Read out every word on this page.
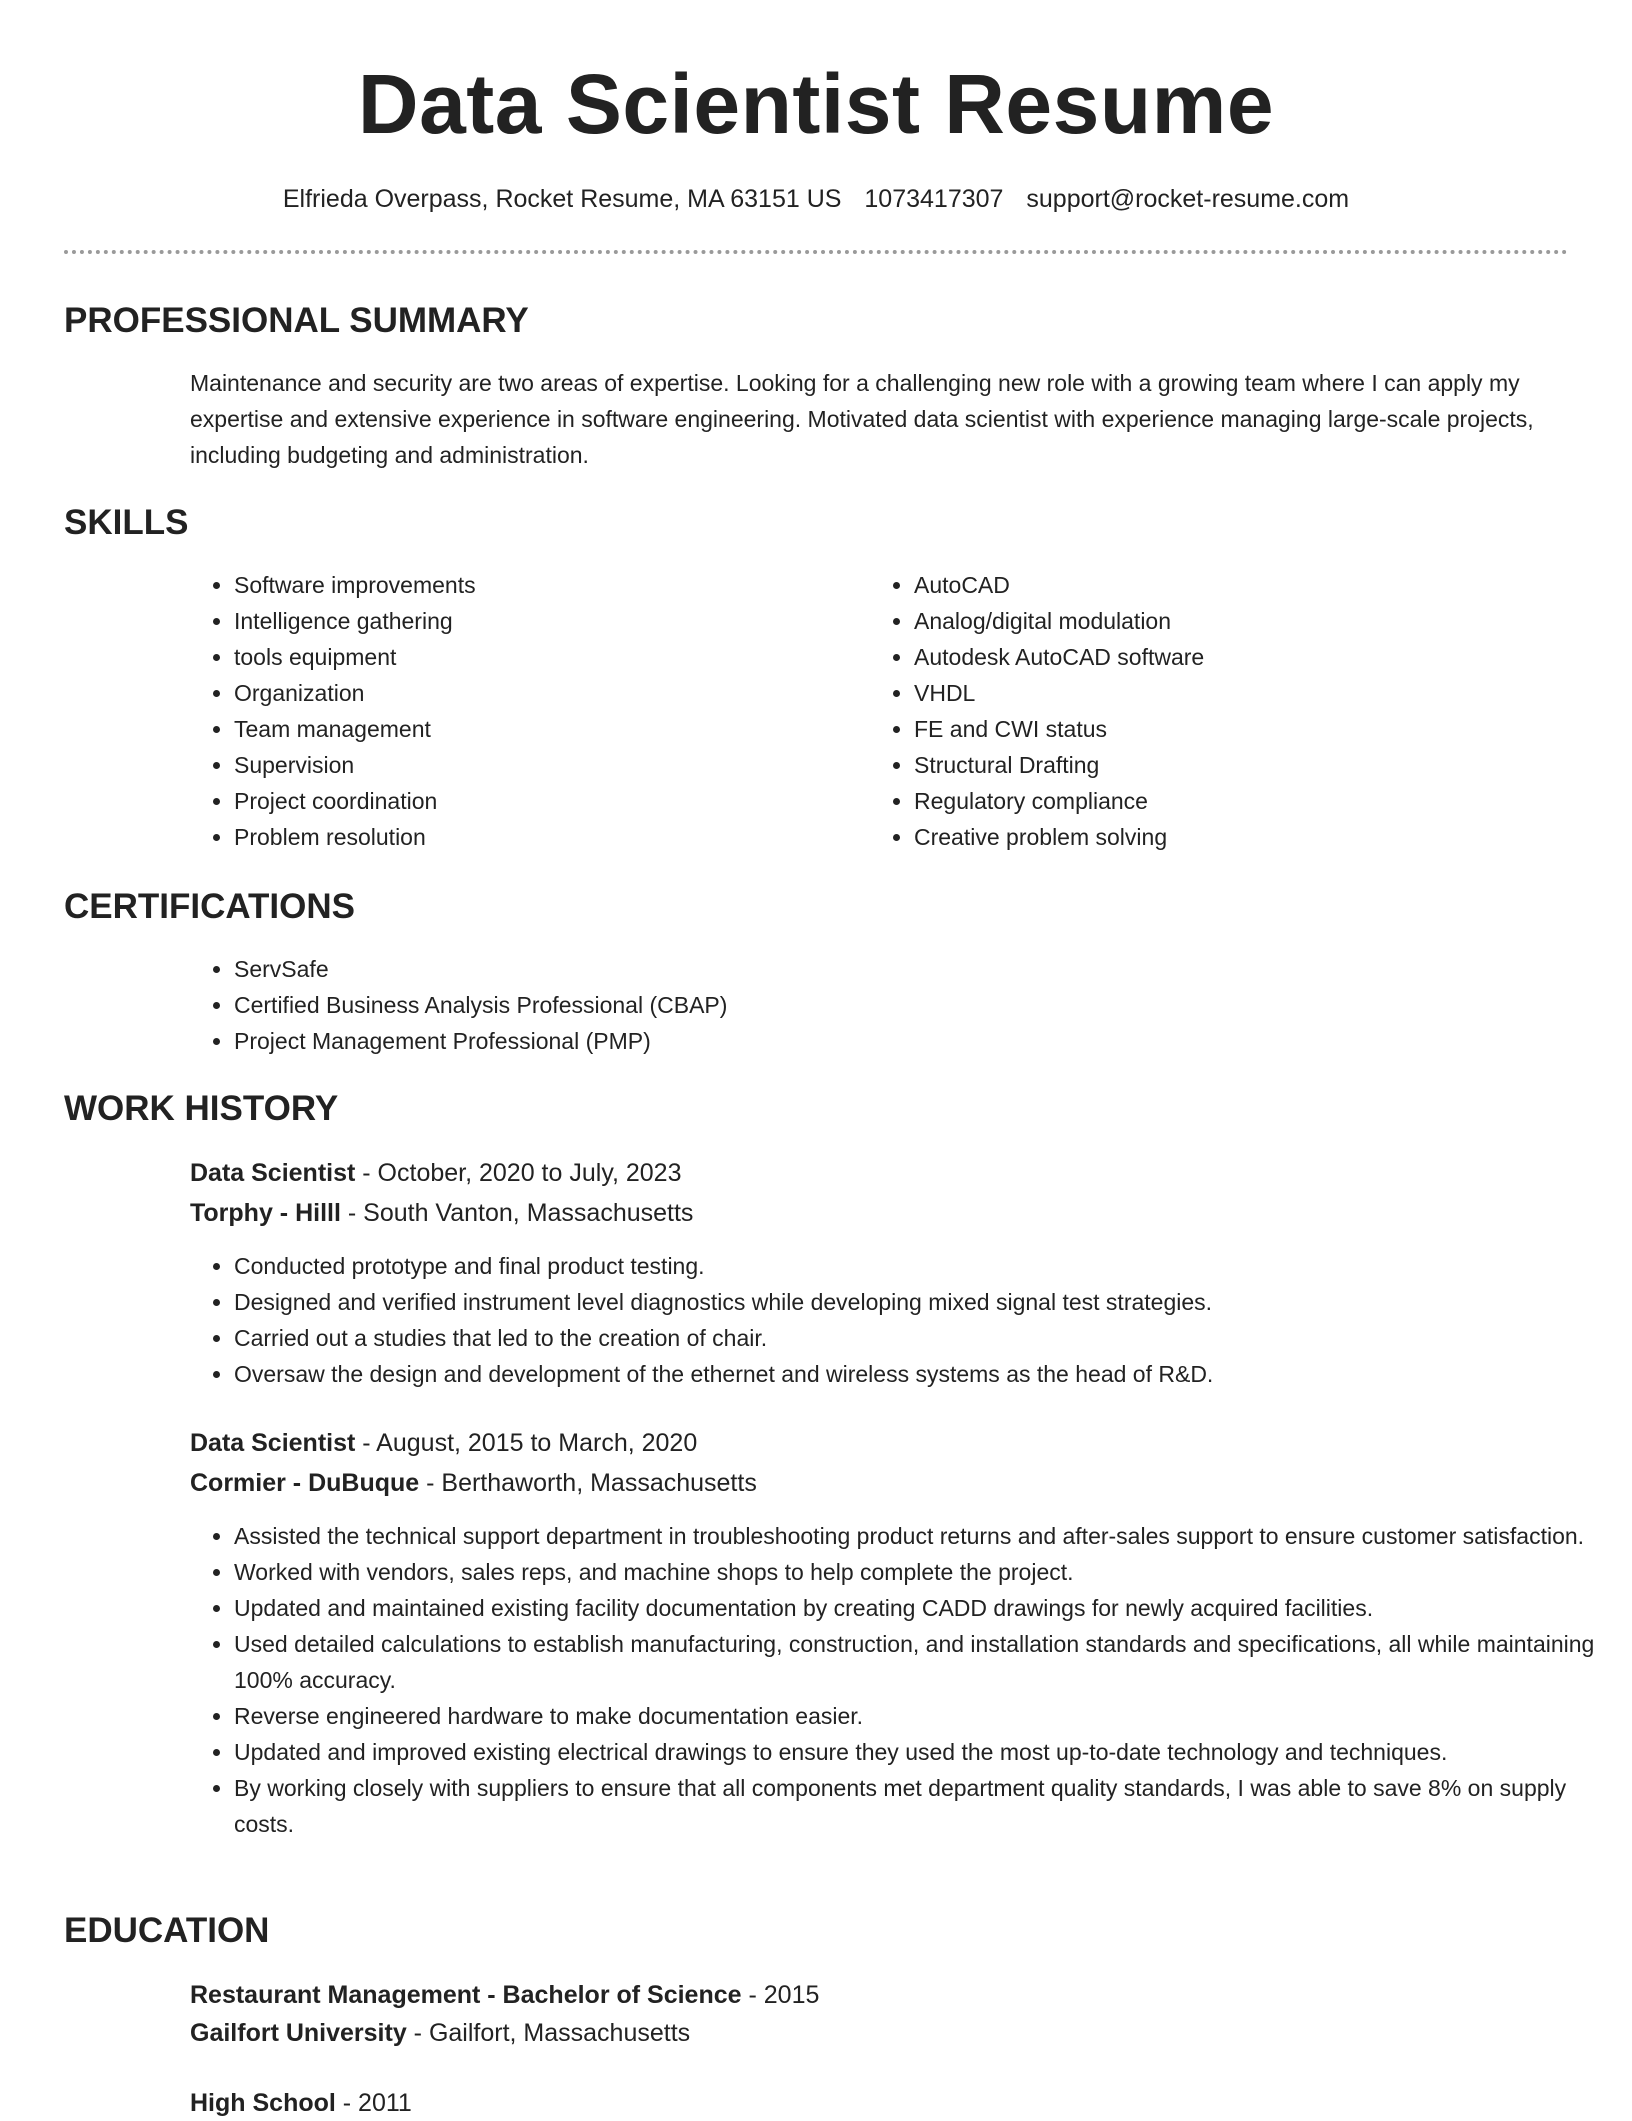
Data Scientist Resume
Elfrieda Overpass, Rocket Resume, MA 63151 US 1073417307 support@rocket-resume.com
PROFESSIONAL SUMMARY

Maintenance and security are two areas of expertise. Looking for a challenging new role with a growing team where I can apply my expertise and extensive experience in software engineering. Motivated data scientist with experience managing large-scale projects, including budgeting and administration.

SKILLS
• Software improvements
• Intelligence gathering
• tools equipment
• Organization
• Team management
• Supervision
• Project coordination
• Problem resolution
• AutoCAD
• Analog/digital modulation
• Autodesk AutoCAD software
• VHDL
• FE and CWI status
• Structural Drafting
• Regulatory compliance
• Creative problem solving
CERTIFICATIONS
• ServSafe
• Certified Business Analysis Professional (CBAP)
• Project Management Professional (PMP)
WORK HISTORY
Data Scientist - October, 2020 to July, 2023
Torphy - Hilll - South Vanton, Massachusetts
• Conducted prototype and final product testing.
• Designed and verified instrument level diagnostics while developing mixed signal test strategies.
• Carried out a studies that led to the creation of chair.
• Oversaw the design and development of the ethernet and wireless systems as the head of R&D.
Data Scientist - August, 2015 to March, 2020
Cormier - DuBuque - Berthaworth, Massachusetts
• Assisted the technical support department in troubleshooting product returns and after-sales support to ensure customer satisfaction.
• Worked with vendors, sales reps, and machine shops to help complete the project.
• Updated and maintained existing facility documentation by creating CADD drawings for newly acquired facilities.
• Used detailed calculations to establish manufacturing, construction, and installation standards and specifications, all while maintaining 100% accuracy.
• Reverse engineered hardware to make documentation easier.
• Updated and improved existing electrical drawings to ensure they used the most up-to-date technology and techniques.
• By working closely with suppliers to ensure that all components met department quality standards, I was able to save 8% on supply costs.
EDUCATION
Restaurant Management - Bachelor of Science - 2015
Gailfort University - Gailfort, Massachusetts
High School - 2011
